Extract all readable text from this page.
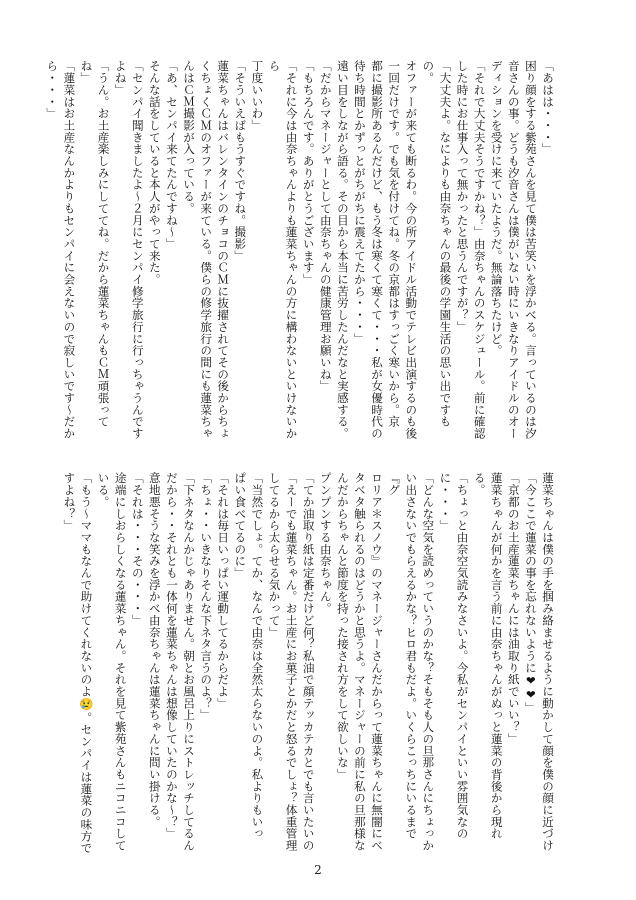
「あはは・・・」
困り顔をする紫苑さんを見て僕は苦笑いを浮かべる。言っているのは汐
音さんの事。どうも汐音さんは僕がいない時にいきなりアイドルのオー
ディションを受けに来ていたようだ。無論落ちたけど。
「それで大丈夫そうですかね？」由奈ちゃんのスケジュール。前に確認
した時にお仕事入って無かったと思うんですが？」
「大丈夫よ。なによりも由奈ちゃんの最後の学園生活の思い出ですもの。
オファーが来ても断るわ。今の所アイドル活動でテレビ出演するのも後
一回だけです。でも気を付けてね。冬の京都はすっごく寒いから。京
都に撮影所あるんだけど、もう冬は寒くて寒くて・・・私が女優時代の
待ち時間とかずっとがちがちに震えてたから・・・」
遠い目をしながら語る。その目から本当に苦労したんだなと実感する。
「だからマネージャーとして由奈ちゃんの健康管理お願いね」
「もちろんです。ありがとうございます」
「それに今は由奈ちゃんよりも蓮菜ちゃんの方に構わないといけないから
丁度いいわ」
「そういえばもうすぐですね。撮影」
蓮菜ちゃんはバレンタインのチョコのＣＭに抜擢されてその後からちょ
くちょくＣＭのオファーが来ている。僕らの修学旅行の間にも蓮菜ちゃ
んはＣＭ撮影が入っている。
「あ、センパイ来てたんですね～」
そんな話をしていると本人がやって来た。
「センパイ聞きましたよ～２月にセンパイ修学旅行に行っちゃうんです
よね」
「うん。お土産楽しみにしててね。だから蓮菜ちゃんもＣＭ頑張ってね」
「蓮菜はお土産なんかよりもセンパイに会えないので寂しいです～だか
ら・・・」
蓮菜ちゃんは僕の手を掴み絡ませるように動かして顔を僕の顔に近づけ
「今ここで蓮菜の事を忘れないように❤❤」
「京都のお土産蓮菜ちゃんには油取り紙でいい？」
蓮菜ちゃんが何かを言う前に由奈ちゃんがぬっと蓮菜の背後から現れる。
「ちょっと由奈空気読みなさいよ。今私がセンパイといい雰囲気なの
に・・・」
「どんな空気を読めっていうのかな？そもそも人の旦那さんにちょっか
い出さないでもらえるかな？ヒロ君もだよ。いくらこっちにいるまで『グ
ロリア＊スノウ』のマネージャーさんだからって蓮菜ちゃんに無闇にベ
タベタ触られるのはどうかと思うよ。マネージャーの前に私の旦那様な
んだからちゃんと節度を持った接され方をして欲しいな」
プンプンする由奈ちゃん。
「てか油取り紙は定番だけど何？私油で顔テッカテカとでも言いたいの
「えーでも蓮菜ちゃん。お土産にお菓子とかだと怒るでしょ？体重管理
してるから太らせる気かって」
「当然でしょ。てか、なんで由奈は全然太らないのよ。私よりもいっ
ぱい食べてるのに」
「それは毎日いっぱい運動してるからだよ」
「ちょ・・いきなりそんな下ネタ言うのよ？」
「下ネタなんかじゃありません。朝とお風呂上りにストレッチしてるん
だから・・それとも一体何を蓮菜ちゃんは想像していたのかな～？」
意地悪そうな笑みを浮かべ由奈ちゃんは蓮菜ちゃんに問い掛ける。
「それは・・・その・・・」
途端にしおらしくなる蓮菜ちゃん。それを見て紫苑さんもニコニコして
いる。
「もう～ママもなんで助けてくれないのよ😢。センパイは蓮菜の味方で
すよね？」
2
